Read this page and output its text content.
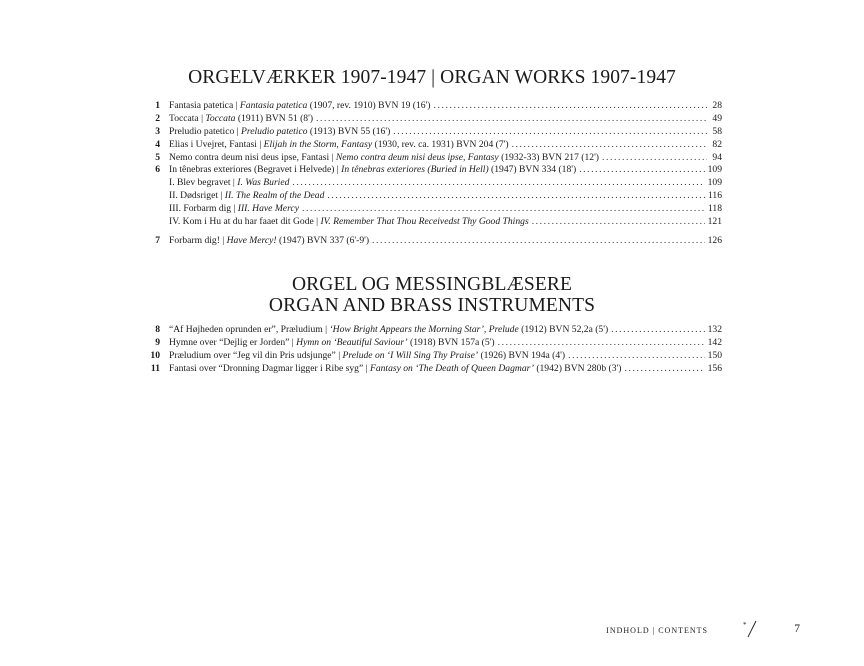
ORGELVÆRKER 1907-1947 | ORGAN WORKS 1907-1947
1 Fantasia patetica | Fantasia patetica (1907, rev. 1910) BVN 19 (16') .....	28
2 Toccata | Toccata (1911) BVN 51 (8') .....	49
3 Preludio patetico | Preludio patetico (1913) BVN 55 (16') .....	58
4 Elias i Uvejret, Fantasi | Elijah in the Storm, Fantasy (1930, rev. ca. 1931) BVN 204 (7') .....	82
5 Nemo contra deum nisi deus ipse, Fantasi | Nemo contra deum nisi deus ipse, Fantasy (1932-33) BVN 217 (12') .....	94
6 In tênebras exteriores (Begravet i Helvede) | In tênebras exteriores (Buried in Hell) (1947) BVN 334 (18') .....	109
I. Blev begravet | I. Was Buried .....	109
II. Dødsriget | II. The Realm of the Dead .....	116
III. Forbarm dig | III. Have Mercy .....	118
IV. Kom i Hu at du har faaet dit Gode | IV. Remember That Thou Receivedst Thy Good Things .....	121
7 Forbarm dig! | Have Mercy! (1947) BVN 337 (6'-9') .....	126
ORGEL OG MESSINGBLÆSERE
ORGAN AND BRASS INSTRUMENTS
8 “Af Højheden oprunden er”, Præludium | ‘How Bright Appears the Morning Star’, Prelude (1912) BVN 52,2a (5') .....	132
9 Hymne over “Dejlig er Jorden” | Hymn on ‘Beautiful Saviour’ (1918) BVN 157a (5') .....	142
10 Præludium over “Jeg vil din Pris udsjunge” | Prelude on ‘I Will Sing Thy Praise’ (1926) BVN 194a (4') .....	150
11 Fantasi over “Dronning Dagmar ligger i Ribe syg” | Fantasy on ‘The Death of Queen Dagmar’ (1942) BVN 280b (3') .....	156
INDHOLD | CONTENTS
*	7
